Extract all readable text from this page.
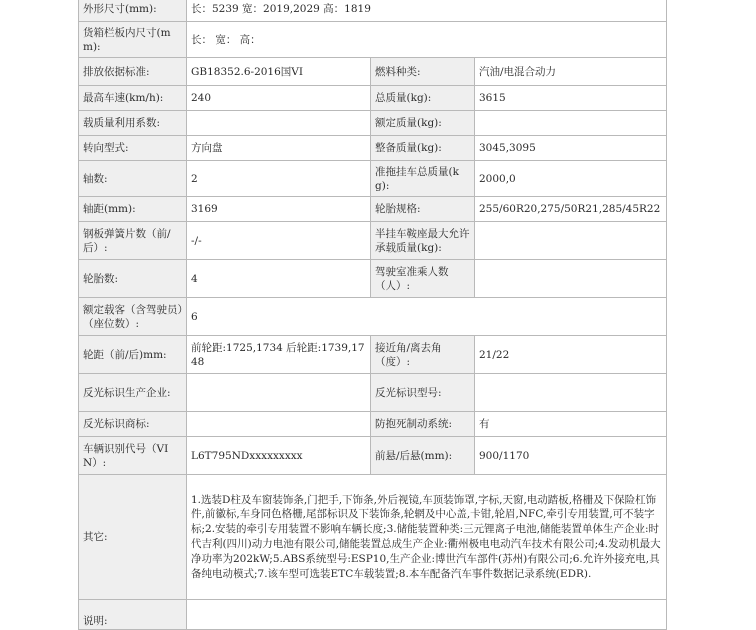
外形尺寸(mm):	长：5239 宽：2019,2029 高：1819		
货箱栏板内尺寸(mm):	长： 宽： 高：		
排放依据标准:	GB18352.6-2016国VI	燃料种类:	汽油/电混合动力
最高车速(km/h):	240	总质量(kg):	3615
载质量利用系数:		额定质量(kg):	
转向型式:	方向盘	整备质量(kg):	3045,3095
轴数:	2	准拖挂车总质量(kg):	2000,0
轴距(mm):	3169	轮胎规格:	255/60R20,275/50R21,285/45R22
钢板弹簧片数（前/后）:	-/-	半挂车鞍座最大允许承载质量(kg):	
轮胎数:	4	驾驶室准乘人数（人）:	
额定载客（含驾驶员）（座位数）:	6		
轮距（前/后)mm:	前轮距:1725,1734 后轮距:1739,1748	接近角/离去角（度）:	21/22
反光标识生产企业:		反光标识型号:	
反光标识商标:		防抱死制动系统:	有
车辆识别代号（VIN）:	L6T795NDxxxxxxxxx	前悬/后悬(mm):	900/1170
其它:	1.选装D柱及车窗装饰条,门把手,下饰条,外后视镜,车顶装饰罩,字标,天窗,电动踏板,格栅及下保险杠饰件,前徽标,车身同色格栅,尾部标识及下装饰条,轮辋及中心盖,卡钳,轮眉,NFC,牵引专用装置,可不装字标;2.安装的牵引专用装置不影响车辆长度;3.储能装置种类:三元锂离子电池,储能装置单体生产企业:时代吉利(四川)动力电池有限公司,储能装置总成生产企业:衢州极电电动汽车技术有限公司;4.发动机最大净功率为202kW;5.ABS系统型号:ESP10,生产企业:博世汽车部件(苏州)有限公司;6.允许外接充电,具备纯电动模式;7.该车型可选装ETC车载装置;8.本车配备汽车事件数据记录系统(EDR).		
说明:			
